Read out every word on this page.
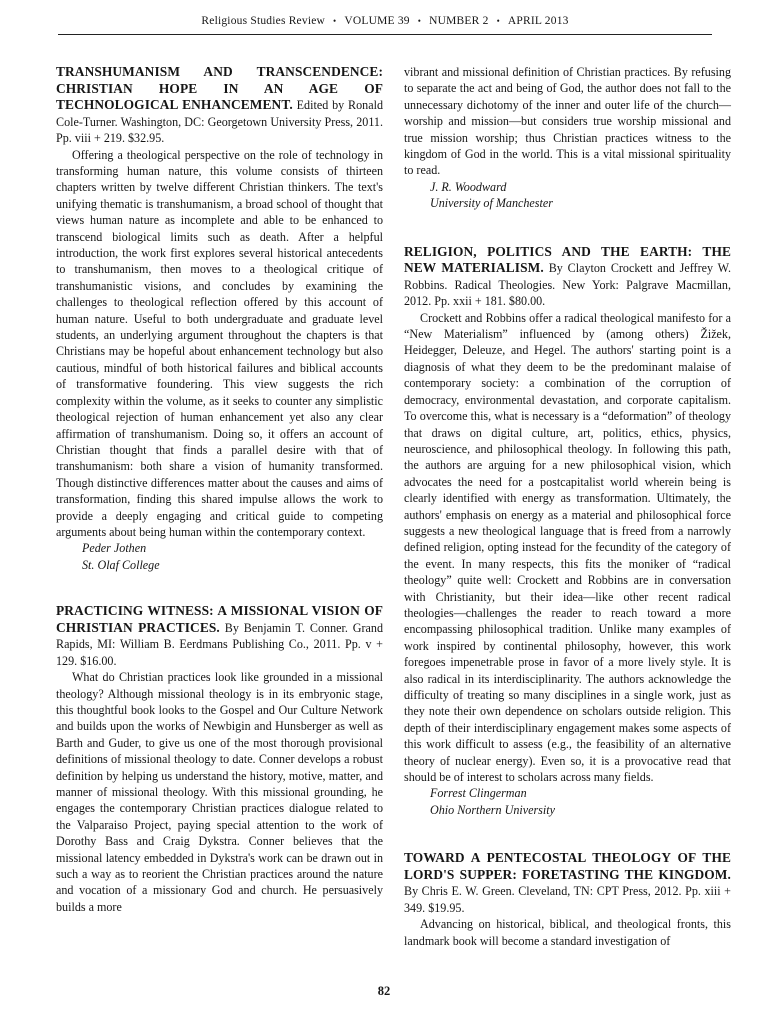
Religious Studies Review • VOLUME 39 • NUMBER 2 • APRIL 2013

TRANSHUMANISM AND TRANSCENDENCE: CHRISTIAN HOPE IN AN AGE OF TECHNOLOGICAL ENHANCEMENT. Edited by Ronald Cole-Turner. Washington, DC: Georgetown University Press, 2011. Pp. viii + 219. $32.95.

Offering a theological perspective on the role of technology in transforming human nature, this volume consists of thirteen chapters written by twelve different Christian thinkers. The text's unifying thematic is transhumanism, a broad school of thought that views human nature as incomplete and able to be enhanced to transcend biological limits such as death. After a helpful introduction, the work first explores several historical antecedents to transhumanism, then moves to a theological critique of transhumanistic visions, and concludes by examining the challenges to theological reflection offered by this account of human nature. Useful to both undergraduate and graduate level students, an underlying argument throughout the chapters is that Christians may be hopeful about enhancement technology but also cautious, mindful of both historical failures and biblical accounts of transformative foundering. This view suggests the rich complexity within the volume, as it seeks to counter any simplistic theological rejection of human enhancement yet also any clear affirmation of transhumanism. Doing so, it offers an account of Christian thought that finds a parallel desire with that of transhumanism: both share a vision of humanity transformed. Though distinctive differences matter about the causes and aims of transformation, finding this shared impulse allows the work to provide a deeply engaging and critical guide to competing arguments about being human within the contemporary context.

Peder Jothen

St. Olaf College

PRACTICING WITNESS: A MISSIONAL VISION OF CHRISTIAN PRACTICES. By Benjamin T. Conner. Grand Rapids, MI: William B. Eerdmans Publishing Co., 2011. Pp. v + 129. $16.00.

What do Christian practices look like grounded in a missional theology? Although missional theology is in its embryonic stage, this thoughtful book looks to the Gospel and Our Culture Network and builds upon the works of Newbigin and Hunsberger as well as Barth and Guder, to give us one of the most thorough provisional definitions of missional theology to date. Conner develops a robust definition by helping us understand the history, motive, matter, and manner of missional theology. With this missional grounding, he engages the contemporary Christian practices dialogue related to the Valparaiso Project, paying special attention to the work of Dorothy Bass and Craig Dykstra. Conner believes that the missional latency embedded in Dykstra's work can be drawn out in such a way as to reorient the Christian practices around the nature and vocation of a missionary God and church. He persuasively builds a more

vibrant and missional definition of Christian practices. By refusing to separate the act and being of God, the author does not fall to the unnecessary dichotomy of the inner and outer life of the church—worship and mission—but considers true worship missional and true mission worship; thus Christian practices witness to the kingdom of God in the world. This is a vital missional spirituality to read.

J. R. Woodward

University of Manchester

RELIGION, POLITICS AND THE EARTH: THE NEW MATERIALISM. By Clayton Crockett and Jeffrey W. Robbins. Radical Theologies. New York: Palgrave Macmillan, 2012. Pp. xxii + 181. $80.00.

Crockett and Robbins offer a radical theological manifesto for a “New Materialism” influenced by (among others) Žižek, Heidegger, Deleuze, and Hegel. The authors' starting point is a diagnosis of what they deem to be the predominant malaise of contemporary society: a combination of the corruption of democracy, environmental devastation, and corporate capitalism. To overcome this, what is necessary is a “deformation” of theology that draws on digital culture, art, politics, ethics, physics, neuroscience, and philosophical theology. In following this path, the authors are arguing for a new philosophical vision, which advocates the need for a postcapitalist world wherein being is clearly identified with energy as transformation. Ultimately, the authors' emphasis on energy as a material and philosophical force suggests a new theological language that is freed from a narrowly defined religion, opting instead for the fecundity of the category of the event. In many respects, this fits the moniker of “radical theology” quite well: Crockett and Robbins are in conversation with Christianity, but their idea—like other recent radical theologies—challenges the reader to reach toward a more encompassing philosophical tradition. Unlike many examples of work inspired by continental philosophy, however, this work foregoes impenetrable prose in favor of a more lively style. It is also radical in its interdisciplinarity. The authors acknowledge the difficulty of treating so many disciplines in a single work, just as they note their own dependence on scholars outside religion. This depth of their interdisciplinary engagement makes some aspects of this work difficult to assess (e.g., the feasibility of an alternative theory of nuclear energy). Even so, it is a provocative read that should be of interest to scholars across many fields.

Forrest Clingerman

Ohio Northern University

TOWARD A PENTECOSTAL THEOLOGY OF THE LORD'S SUPPER: FORETASTING THE KINGDOM. By Chris E. W. Green. Cleveland, TN: CPT Press, 2012. Pp. xiii + 349. $19.95.

Advancing on historical, biblical, and theological fronts, this landmark book will become a standard investigation of

82
